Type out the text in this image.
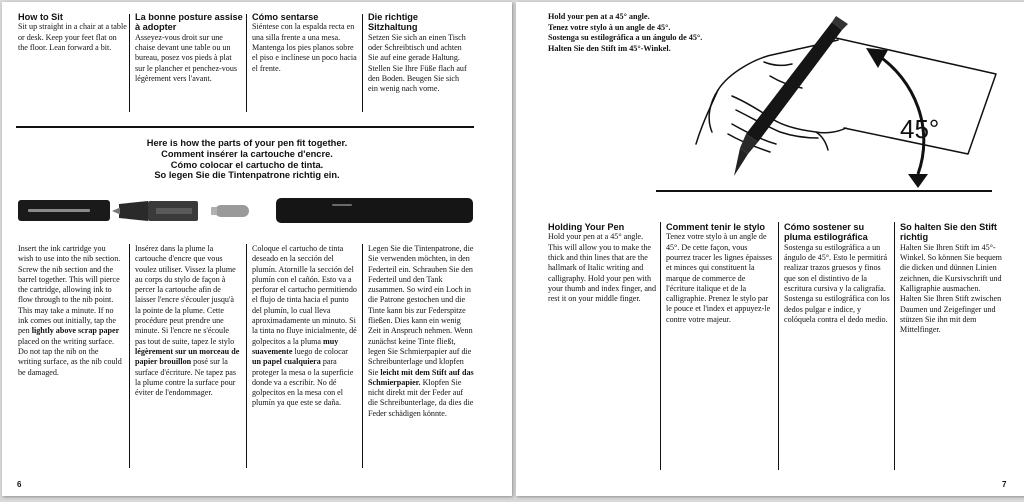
How to Sit
Sit up straight in a chair at a table or desk. Keep your feet flat on the floor. Lean forward a bit.
La bonne posture assise à adopter
Asseyez-vous droit sur une chaise devant une table ou un bureau, posez vos pieds à plat sur le plancher et penchez-vous légèrement vers l'avant.
Cómo sentarse
Siéntese con la espalda recta en una silla frente a una mesa. Mantenga los pies planos sobre el piso e inclínese un poco hacia el frente.
Die richtige Sitzhaltung
Setzen Sie sich an einen Tisch oder Schreibtisch und achten Sie auf eine gerade Haltung. Stellen Sie Ihre Füße flach auf den Boden. Beugen Sie sich ein wenig nach vorne.
Here is how the parts of your pen fit together.
Comment insérer la cartouche d'encre.
Cómo colocar el cartucho de tinta.
So legen Sie die Tintenpatrone richtig ein.
Insert the ink cartridge you wish to use into the nib section. Screw the nib section and the barrel together. This will pierce the cartridge, allowing ink to flow through to the nib point. This may take a minute. If no ink comes out initially, tap the pen lightly above scrap paper placed on the writing surface. Do not tap the nib on the writing surface, as the nib could be damaged.
Insérez dans la plume la cartouche d'encre que vous voulez utiliser. Vissez la plume au corps du stylo de façon à percer la cartouche afin de laisser l'encre s'écouler jusqu'à la pointe de la plume. Cette procédure peut prendre une minute. Si l'encre ne s'écoule pas tout de suite, tapez le stylo légèrement sur un morceau de papier brouillon posé sur la surface d'écriture. Ne tapez pas la plume contre la surface pour éviter de l'endommager.
Coloque el cartucho de tinta deseado en la sección del plumín. Atornille la sección del plumín con el cañón. Esto va a perforar el cartucho permitiendo el flujo de tinta hacia el punto del plumín, lo cual lleva aproximadamente un minuto. Si la tinta no fluye inicialmente, dé golpecitos a la pluma muy suavemente luego de colocar un papel cualquiera para proteger la mesa o la superficie donde va a escribir. No dé golpecitos en la mesa con el plumín ya que este se daña.
Legen Sie die Tintenpatrone, die Sie verwenden möchten, in den Federteil ein. Schrauben Sie den Federteil und den Tank zusammen. So wird ein Loch in die Patrone gestochen und die Tinte kann bis zur Federspitze fließen. Dies kann ein wenig Zeit in Anspruch nehmen. Wenn zunächst keine Tinte fließt, legen Sie Schmierpapier auf die Schreibunterlage und klopfen Sie leicht mit dem Stift auf das Schmierpapier. Klopfen Sie nicht direkt mit der Feder auf die Schreibunterlage, da dies die Feder schädigen könnte.
6
Hold your pen at a 45° angle.
Tenez votre stylo à un angle de 45°.
Sostenga su estilográfica a un ángulo de 45°.
Halten Sie den Stift im 45°-Winkel.
45°
Holding Your Pen
Hold your pen at a 45° angle. This will allow you to make the thick and thin lines that are the hallmark of Italic writing and calligraphy. Hold your pen with your thumb and index finger, and rest it on your middle finger.
Comment tenir le stylo
Tenez votre stylo à un angle de 45°. De cette façon, vous pourrez tracer les lignes épaisses et minces qui constituent la marque de commerce de l'écriture italique et de la calligraphie. Prenez le stylo par le pouce et l'index et appuyez-le contre votre majeur.
Cómo sostener su pluma estilográfica
Sostenga su estilográfica a un ángulo de 45°. Esto le permitirá realizar trazos gruesos y finos que son el distintivo de la escritura cursiva y la caligrafía. Sostenga su estilográfica con los dedos pulgar e índice, y colóquela contra el dedo medio.
So halten Sie den Stift richtig
Halten Sie Ihren Stift im 45°-Winkel. So können Sie bequem die dicken und dünnen Linien zeichnen, die Kursivschrift und Kalligraphie ausmachen. Halten Sie Ihren Stift zwischen Daumen und Zeigefinger und stützen Sie ihn mit dem Mittelfinger.
7
